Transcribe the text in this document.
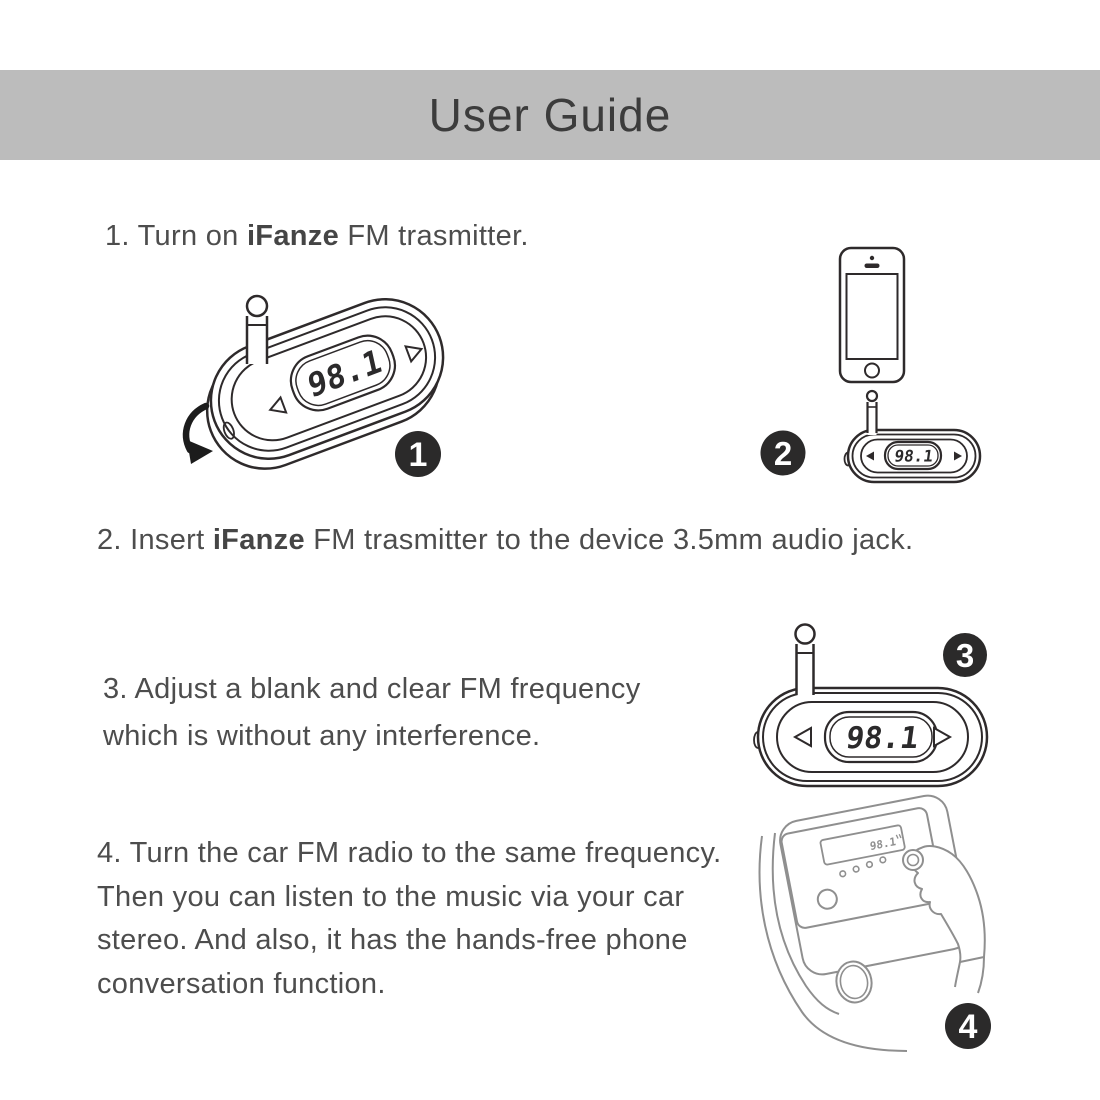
User Guide
1. Turn on iFanze FM trasmitter.
98.1
1	98.1
2
2. Insert iFanze FM trasmitter to the device 3.5mm audio jack.
3. Adjust a blank and clear FM frequency
which is without any interference.	98.1
3
4. Turn the car FM radio to the same frequency.
Then you can listen to the music via your car
stereo. And also, it has the hands-free phone
conversation function.
98.1
4
